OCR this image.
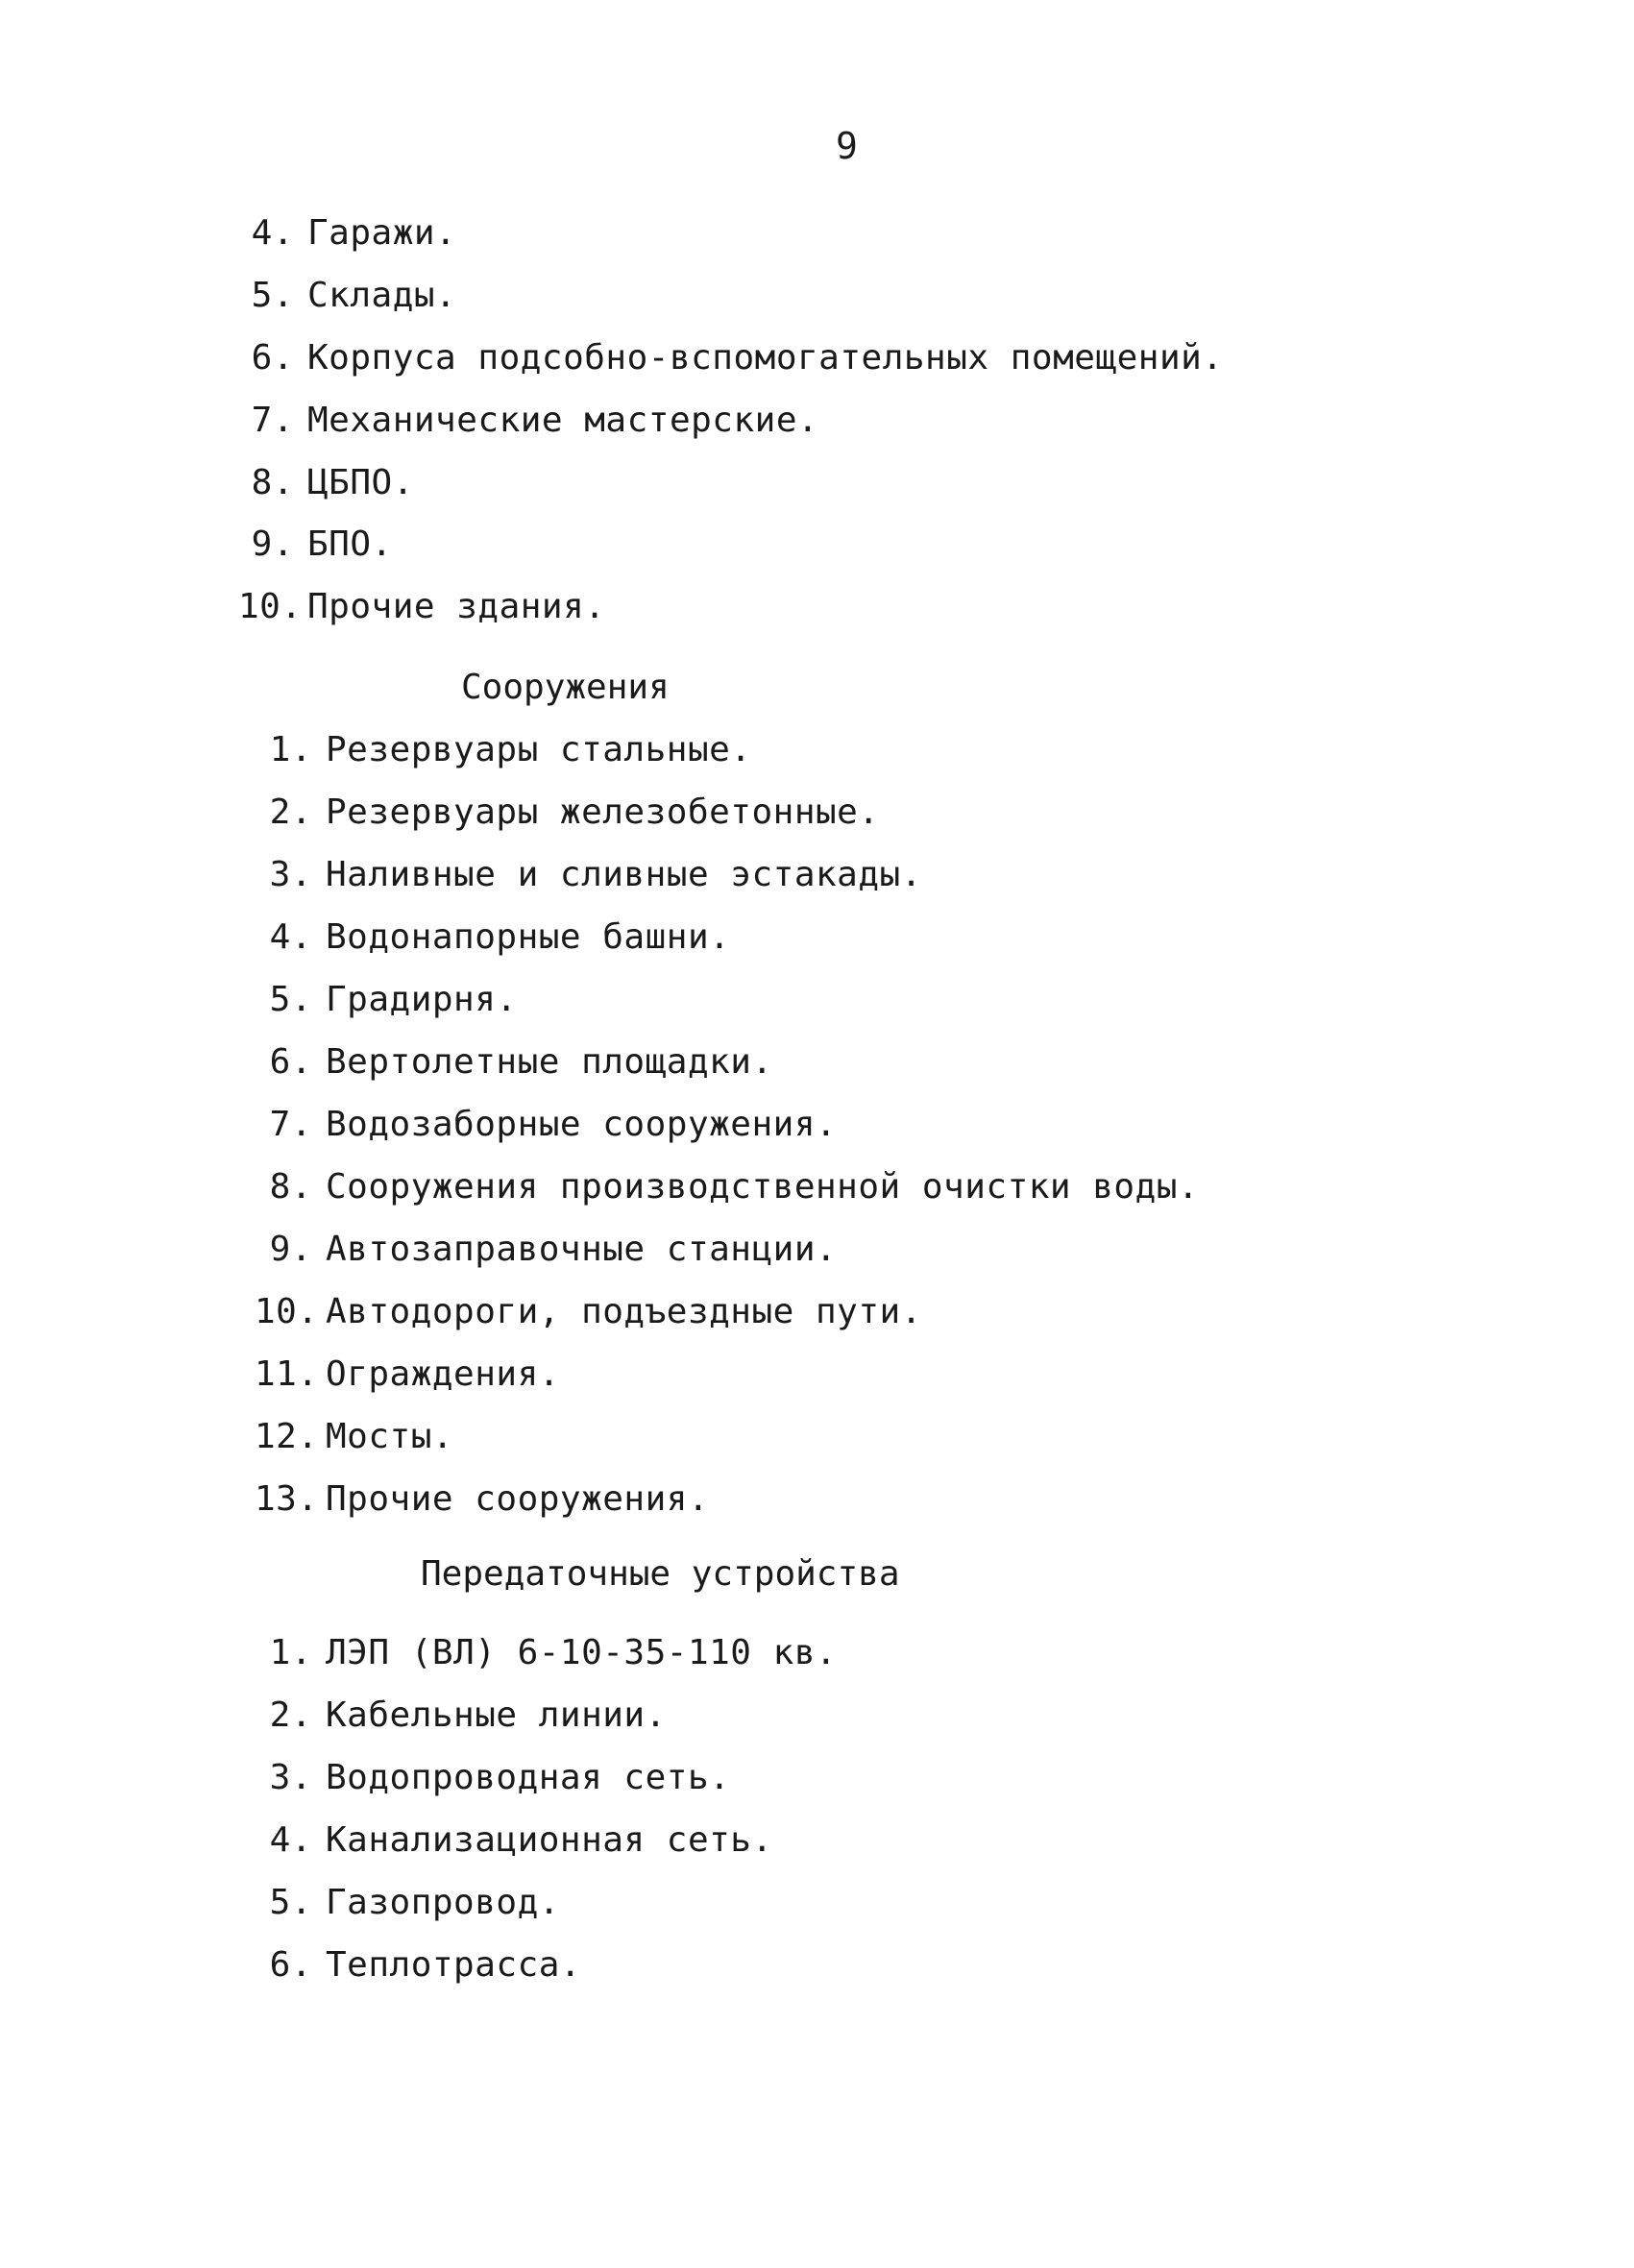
9
4. Гаражи.
5. Склады.
6. Корпуса подсобно-вспомогательных помещений.
7. Механические мастерские.
8. ЦБПО.
9. БПО.
10. Прочие здания.
Сооружения
1. Резервуары стальные.
2. Резервуары железобетонные.
3. Наливные и сливные эстакады.
4. Водонапорные башни.
5. Градирня.
6. Вертолетные площадки.
7. Водозаборные сооружения.
8. Сооружения производственной очистки воды.
9. Автозаправочные станции.
10. Автодороги, подъездные пути.
11. Ограждения.
12. Мосты.
13. Прочие сооружения.
Передаточные устройства
1. ЛЭП (ВЛ) 6-10-35-110 кв.
2. Кабельные линии.
3. Водопроводная сеть.
4. Канализационная сеть.
5. Газопровод.
6. Теплотрасса.
